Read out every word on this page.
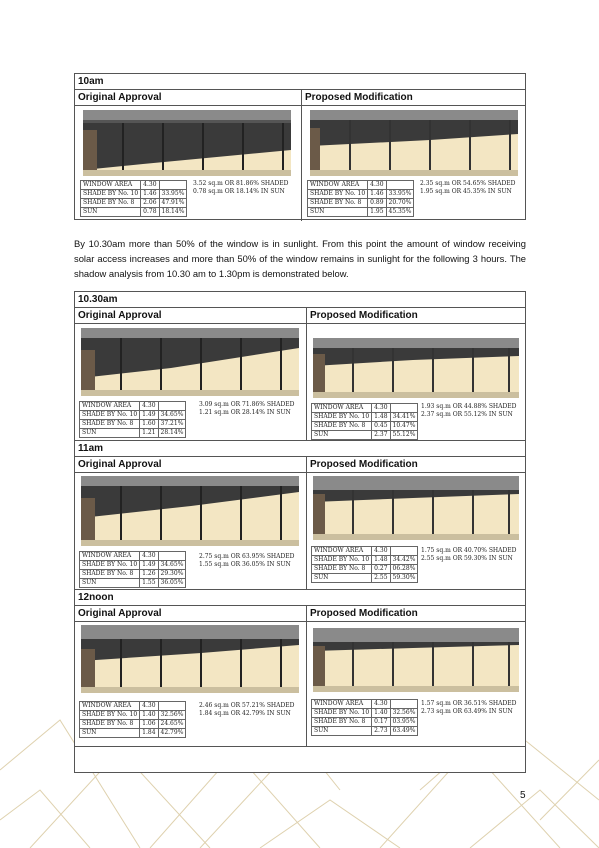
10am
Original Approval	Proposed Modification
WINDOW AREA	4.30	
SHADE BY No. 10	1.46	33.95%
SHADE BY No. 8	2.06	47.91%
SUN	0.78	18.14%
3.52 sq.m OR 81.86% SHADED
0.78 sq.m OR 18.14% IN SUN
WINDOW AREA	4.30	
SHADE BY No. 10	1.46	33.95%
SHADE BY No. 8	0.89	20.70%
SUN	1.95	45.35%
2.35 sq.m OR 54.65% SHADED
1.95 sq.m OR 45.35% IN SUN
By 10.30am more than 50% of the window is in sunlight. From this point the amount of window receiving solar access increases and more than 50% of the window remains in sunlight for the following 3 hours. The shadow analysis from 10.30 am to 1.30pm is demonstrated below.
10.30am
Original Approval	Proposed Modification
WINDOW AREA	4.30	
SHADE BY No. 10	1.49	34.65%
SHADE BY No. 8	1.60	37.21%
SUN	1.21	28.14%
3.09 sq.m OR 71.86% SHADED
1.21 sq.m OR 28.14% IN SUN
WINDOW AREA	4.30	
SHADE BY No. 10	1.48	34.41%
SHADE BY No. 8	0.45	10.47%
SUN	2.37	55.12%
1.93 sq.m OR 44.88% SHADED
2.37 sq.m OR 55.12% IN SUN
11am
Original Approval	Proposed Modification
WINDOW AREA	4.30	
SHADE BY No. 10	1.49	34.65%
SHADE BY No. 8	1.26	29.30%
SUN	1.55	36.05%
2.75 sq.m OR 63.95% SHADED
1.55 sq.m OR 36.05% IN SUN
WINDOW AREA	4.30	
SHADE BY No. 10	1.48	34.42%
SHADE BY No. 8	0.27	06.28%
SUN	2.55	59.30%
1.75 sq.m OR 40.70% SHADED
2.55 sq.m OR 59.30% IN SUN
12noon
Original Approval	Proposed Modification
WINDOW AREA	4.30	
SHADE BY No. 10	1.40	32.56%
SHADE BY No. 8	1.06	24.65%
SUN	1.84	42.79%
2.46 sq.m OR 57.21% SHADED
1.84 sq.m OR 42.79% IN SUN
WINDOW AREA	4.30	
SHADE BY No. 10	1.40	32.56%
SHADE BY No. 8	0.17	03.95%
SUN	2.73	63.49%
1.57 sq.m OR 36.51% SHADED
2.73 sq.m OR 63.49% IN SUN
5
